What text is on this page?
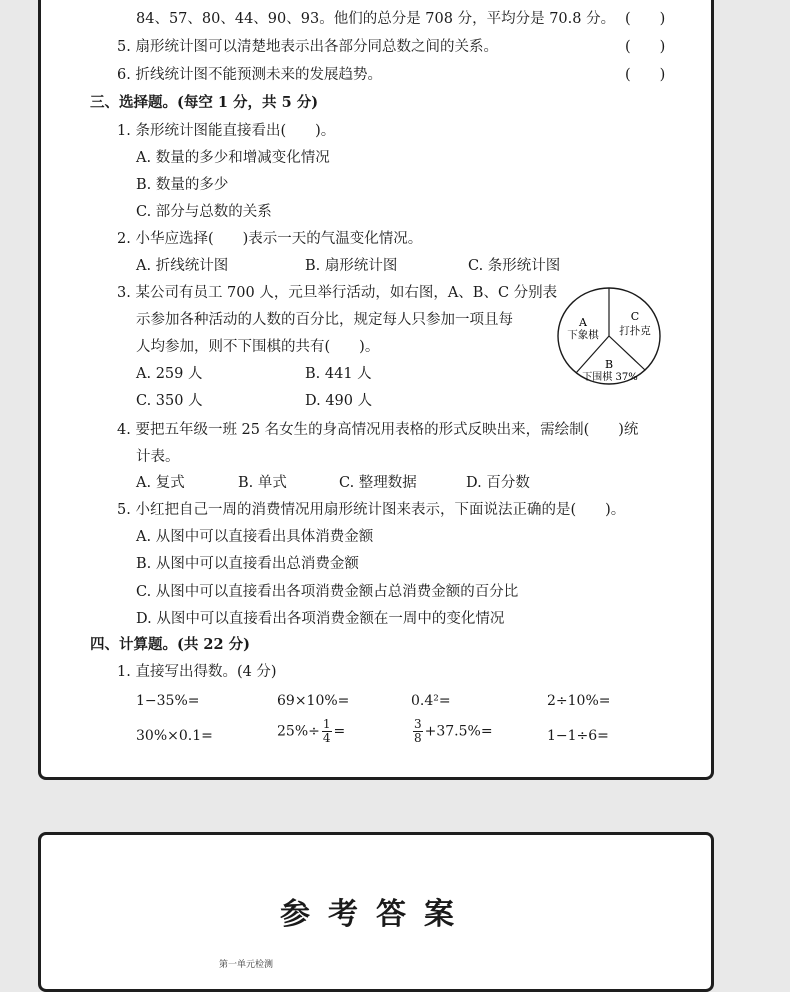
84、57、80、44、90、93。他们的总分是 708 分，平均分是 70.8 分。 (　　)
5. 扇形统计图可以清楚地表示出各部分同总数之间的关系。	(　　)
6. 折线统计图不能预测未来的发展趋势。	(　　)
三、选择题。(每空 1 分，共 5 分)
1. 条形统计图能直接看出(　　)。
A. 数量的多少和增减变化情况
B. 数量的多少
C. 部分与总数的关系
2. 小华应选择(　　)表示一天的气温变化情况。
A. 折线统计图	B. 扇形统计图	C. 条形统计图
3. 某公司有员工 700 人，元旦举行活动，如右图，A、B、C 分别表
示参加各种活动的人数的百分比，规定每人只参加一项且每
人均参加，则不下围棋的共有(　　)。
A. 259 人	B. 441 人
C. 350 人	D. 490 人
A
下象棋
C
打扑克
B
下围棋 37%
4. 要把五年级一班 25 名女生的身高情况用表格的形式反映出来，需绘制(　　)统
计表。
A. 复式	B. 单式	C. 整理数据	D. 百分数
5. 小红把自己一周的消费情况用扇形统计图来表示，下面说法正确的是(　　)。
A. 从图中可以直接看出具体消费金额
B. 从图中可以直接看出总消费金额
C. 从图中可以直接看出各项消费金额占总消费金额的百分比
D. 从图中可以直接看出各项消费金额在一周中的变化情况
四、计算题。(共 22 分)
1. 直接写出得数。(4 分)
1−35%=	69×10%=	0.4²=	2÷10%=
30%×0.1=	$25\%\div \frac{1}{4}$ =	$\frac{3}{8} +37.5\%=$	1−1÷6=
参考答案
第一单元检测
